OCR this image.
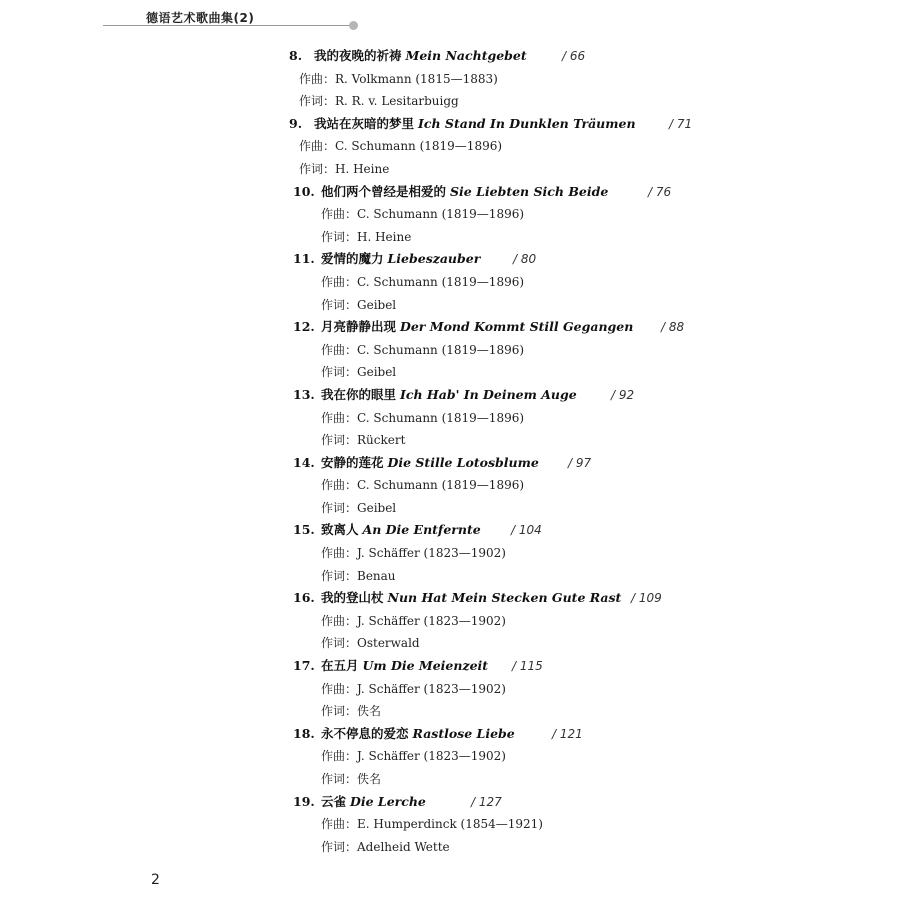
德语艺术歌曲集(2)
8. 我的夜晚的祈祷 Mein Nachtgebet	/ 66
作曲：R. Volkmann (1815—1883)
作词：R. R. v. Lesitarbuigg
9. 我站在灰暗的梦里 Ich Stand In Dunklen Träumen	/ 71
作曲：C. Schumann (1819—1896)
作词：H. Heine
10. 他们两个曾经是相爱的 Sie Liebten Sich Beide	/ 76
作曲：C. Schumann (1819—1896)
作词：H. Heine
11. 爱情的魔力 Liebeszauber	/ 80
作曲：C. Schumann (1819—1896)
作词：Geibel
12. 月亮静静出现 Der Mond Kommt Still Gegangen / 88
作曲：C. Schumann (1819—1896)
作词：Geibel
13. 我在你的眼里 Ich Hab' In Deinem Auge	/ 92
作曲：C. Schumann (1819—1896)
作词：Rückert
14. 安静的莲花 Die Stille Lotosblume / 97
作曲：C. Schumann (1819—1896)
作词：Geibel
15. 致离人 An Die Entfernte	/ 104
作曲：J. Schäffer (1823—1902)
作词：Benau
16. 我的登山杖 Nun Hat Mein Stecken Gute Rast / 109
作曲：J. Schäffer (1823—1902)
作词：Osterwald
17. 在五月 Um Die Meienzeit / 115
作曲：J. Schäffer (1823—1902)
作词：佚名
18. 永不停息的爱恋 Rastlose Liebe	/ 121
作曲：J. Schäffer (1823—1902)
作词：佚名
19. 云雀 Die Lerche	/ 127
作曲：E. Humperdinck (1854—1921)
作词：Adelheid Wette
2
